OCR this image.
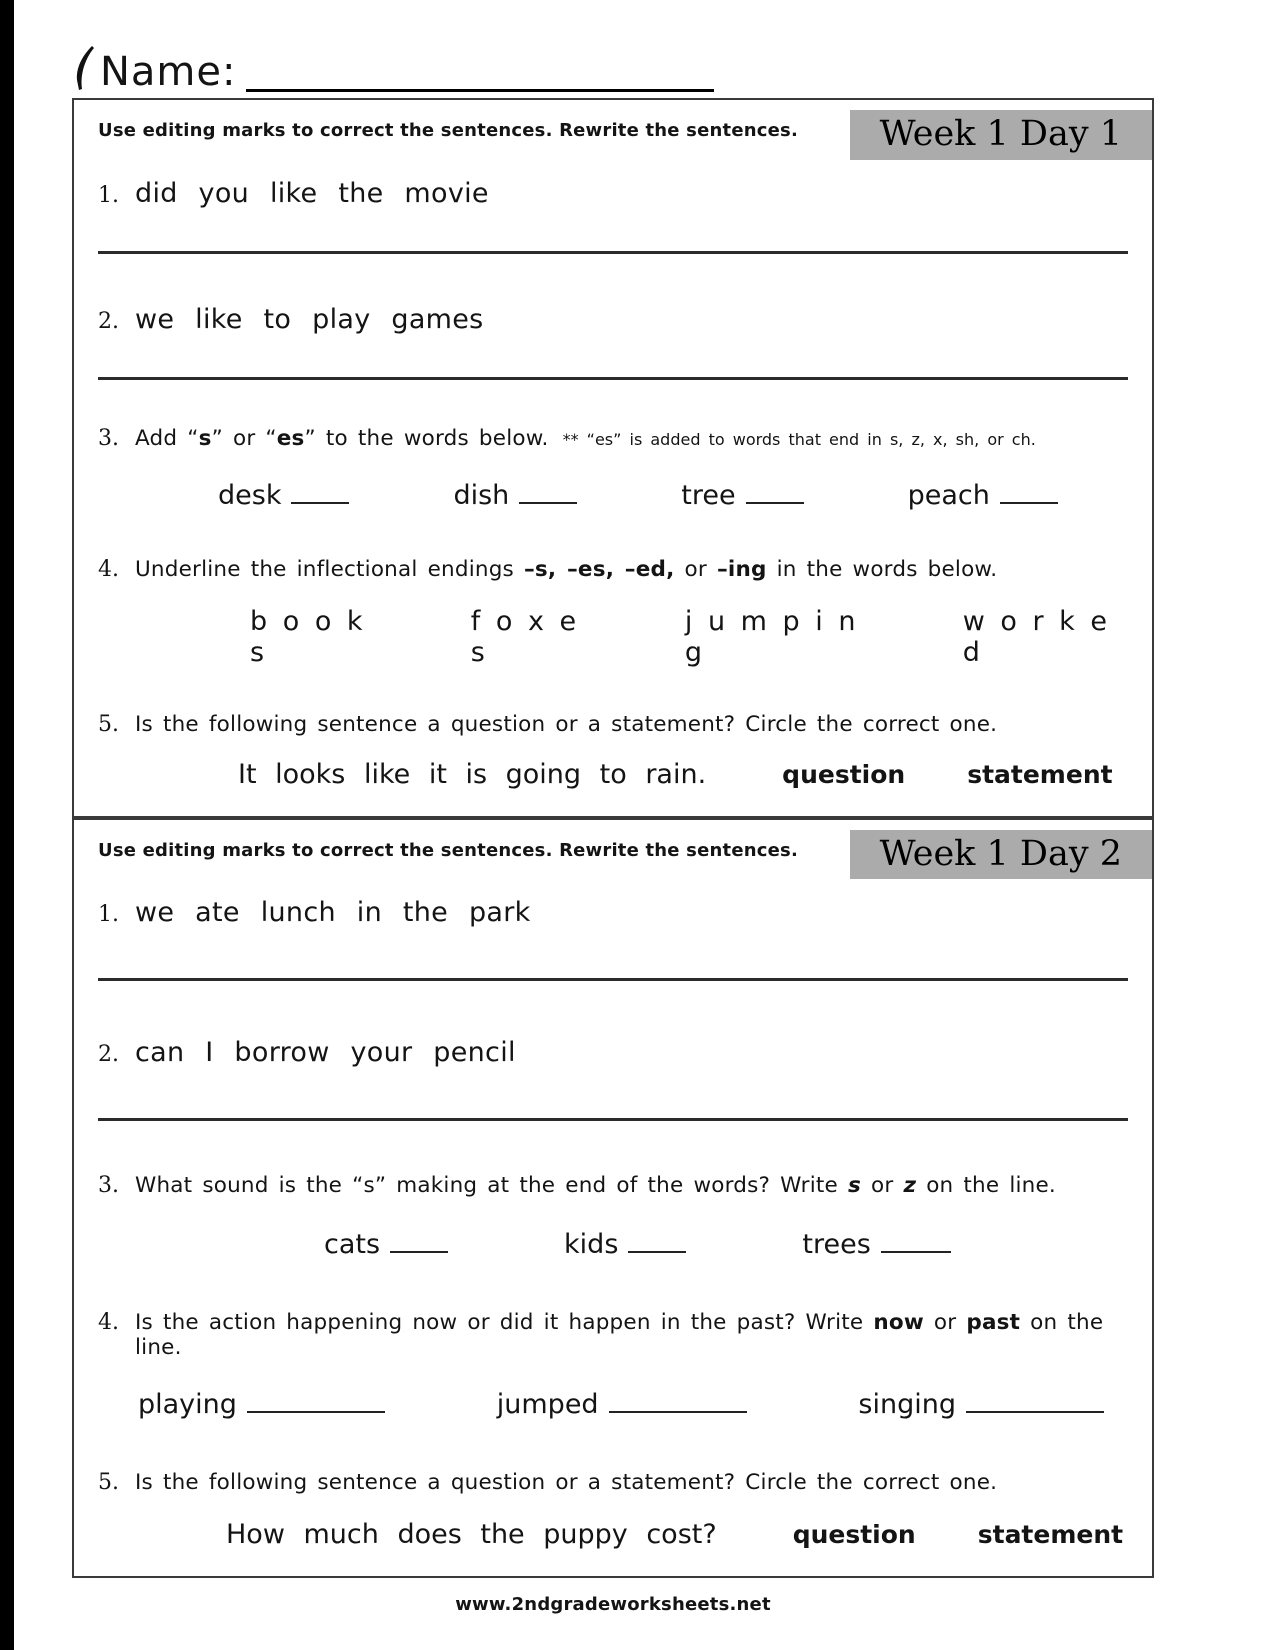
Name:

Use editing marks to correct the sentences. Rewrite the sentences.	Week 1 Day 1
1. did you like the movie
2. we like to play games
3. Add “s” or “es” to the words below. ** “es” is added to words that end in s, z, x, sh, or ch.
desk	dish	tree	peach
4. Underline the inflectional endings –s, –es, –ed, or –ing in the words below.
b o o k s
f o x e s
j u m p i n g
w o r k e d
5. Is the following sentence a question or a statement? Circle the correct one.
It looks like it is going to rain.	question statement

Use editing marks to correct the sentences. Rewrite the sentences.	Week 1 Day 2
1. we ate lunch in the park
2. can I borrow your pencil
3. What sound is the “s” making at the end of the words? Write s or z on the line.
cats	kids	trees
4. Is the action happening now or did it happen in the past? Write now or past on the line.
playing	jumped	singing
5. Is the following sentence a question or a statement? Circle the correct one.
How much does the puppy cost?	question statement

www.2ndgradeworksheets.net
